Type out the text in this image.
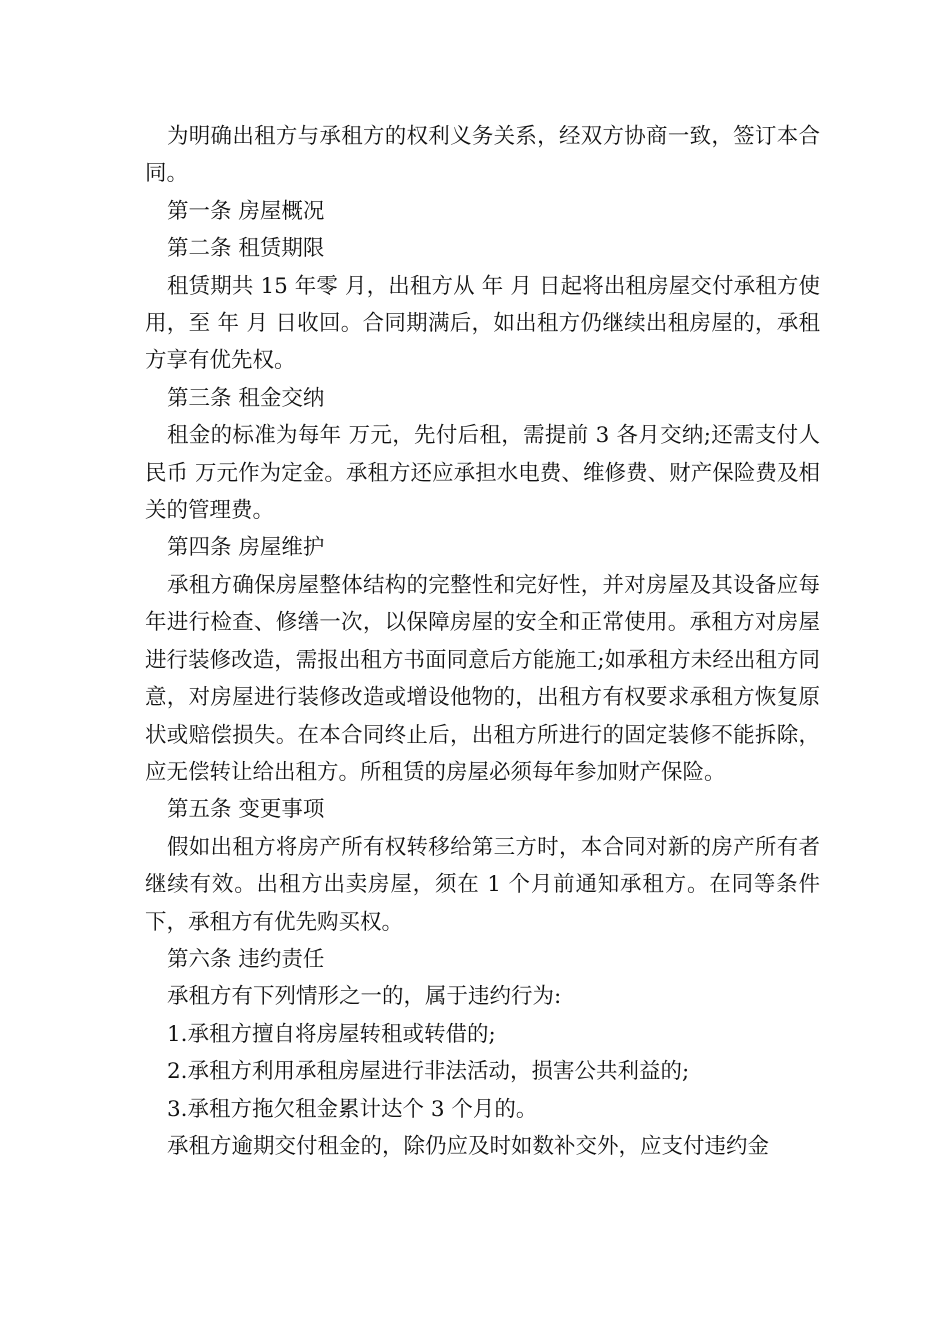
为明确出租方与承租方的权利义务关系，经双方协商一致，签订本合同。

第一条 房屋概况

第二条 租赁期限

租赁期共 15 年零 月，出租方从 年 月 日起将出租房屋交付承租方使用，至 年 月 日收回。合同期满后，如出租方仍继续出租房屋的，承租方享有优先权。

第三条 租金交纳

租金的标准为每年 万元，先付后租，需提前 3 各月交纳;还需支付人民币 万元作为定金。承租方还应承担水电费、维修费、财产保险费及相关的管理费。

第四条 房屋维护

承租方确保房屋整体结构的完整性和完好性，并对房屋及其设备应每年进行检查、修缮一次，以保障房屋的安全和正常使用。承租方对房屋进行装修改造，需报出租方书面同意后方能施工;如承租方未经出租方同意，对房屋进行装修改造或增设他物的，出租方有权要求承租方恢复原状或赔偿损失。在本合同终止后，出租方所进行的固定装修不能拆除，应无偿转让给出租方。所租赁的房屋必须每年参加财产保险。

第五条 变更事项

假如出租方将房产所有权转移给第三方时，本合同对新的房产所有者继续有效。出租方出卖房屋，须在 1 个月前通知承租方。在同等条件下，承租方有优先购买权。

第六条 违约责任

承租方有下列情形之一的，属于违约行为:

1.承租方擅自将房屋转租或转借的;

2.承租方利用承租房屋进行非法活动，损害公共利益的;

3.承租方拖欠租金累计达个 3 个月的。

承租方逾期交付租金的，除仍应及时如数补交外，应支付违约金
